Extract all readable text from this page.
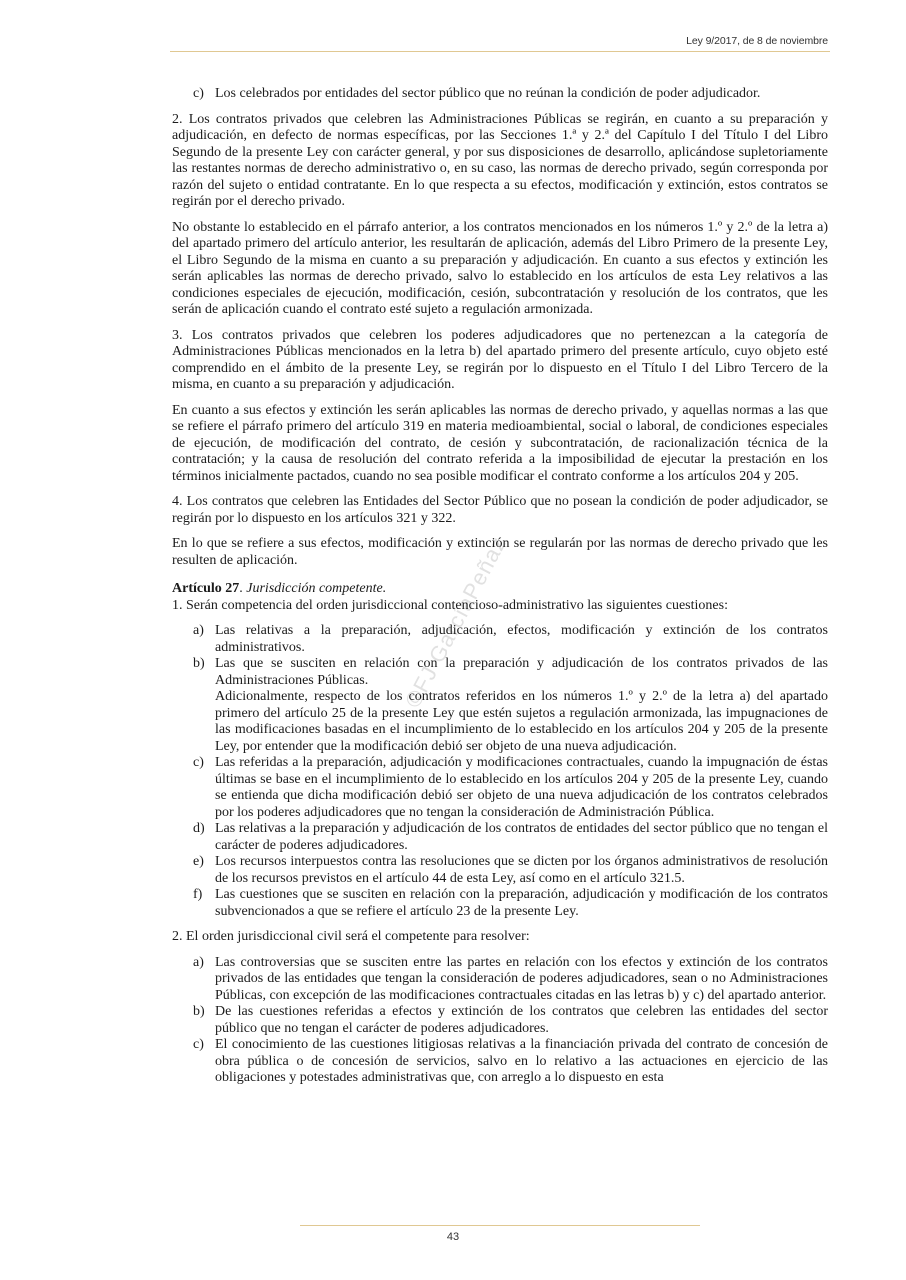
Ley 9/2017, de 8 de noviembre
©FJ GarcíaPeñaz
c) Los celebrados por entidades del sector público que no reúnan la condición de poder adjudicador.

2. Los contratos privados que celebren las Administraciones Públicas se regirán, en cuanto a su preparación y adjudicación, en defecto de normas específicas, por las Secciones 1.ª y 2.ª del Capítulo I del Título I del Libro Segundo de la presente Ley con carácter general, y por sus disposiciones de desarrollo, aplicándose supletoriamente las restantes normas de derecho administrativo o, en su caso, las normas de derecho privado, según corresponda por razón del sujeto o entidad contratante. En lo que respecta a su efectos, modificación y extinción, estos contratos se regirán por el derecho privado.

No obstante lo establecido en el párrafo anterior, a los contratos mencionados en los números 1.º y 2.º de la letra a) del apartado primero del artículo anterior, les resultarán de aplicación, además del Libro Primero de la presente Ley, el Libro Segundo de la misma en cuanto a su preparación y adjudicación. En cuanto a sus efectos y extinción les serán aplicables las normas de derecho privado, salvo lo establecido en los artículos de esta Ley relativos a las condiciones especiales de ejecución, modificación, cesión, subcontratación y resolución de los contratos, que les serán de aplicación cuando el contrato esté sujeto a regulación armonizada.

3. Los contratos privados que celebren los poderes adjudicadores que no pertenezcan a la categoría de Administraciones Públicas mencionados en la letra b) del apartado primero del presente artículo, cuyo objeto esté comprendido en el ámbito de la presente Ley, se regirán por lo dispuesto en el Título I del Libro Tercero de la misma, en cuanto a su preparación y adjudicación.

En cuanto a sus efectos y extinción les serán aplicables las normas de derecho privado, y aquellas normas a las que se refiere el párrafo primero del artículo 319 en materia medioambiental, social o laboral, de condiciones especiales de ejecución, de modificación del contrato, de cesión y subcontratación, de racionalización técnica de la contratación; y la causa de resolución del contrato referida a la imposibilidad de ejecutar la prestación en los términos inicialmente pactados, cuando no sea posible modificar el contrato conforme a los artículos 204 y 205.

4. Los contratos que celebren las Entidades del Sector Público que no posean la condición de poder adjudicador, se regirán por lo dispuesto en los artículos 321 y 322.

En lo que se refiere a sus efectos, modificación y extinción se regularán por las normas de derecho privado que les resulten de aplicación.

Artículo 27. Jurisdicción competente.

1. Serán competencia del orden jurisdiccional contencioso-administrativo las siguientes cuestiones:

a) Las relativas a la preparación, adjudicación, efectos, modificación y extinción de los contratos administrativos.
b) Las que se susciten en relación con la preparación y adjudicación de los contratos privados de las Administraciones Públicas.
Adicionalmente, respecto de los contratos referidos en los números 1.º y 2.º de la letra a) del apartado primero del artículo 25 de la presente Ley que estén sujetos a regulación armonizada, las impugnaciones de las modificaciones basadas en el incumplimiento de lo establecido en los artículos 204 y 205 de la presente Ley, por entender que la modificación debió ser objeto de una nueva adjudicación.
c) Las referidas a la preparación, adjudicación y modificaciones contractuales, cuando la impugnación de éstas últimas se base en el incumplimiento de lo establecido en los artículos 204 y 205 de la presente Ley, cuando se entienda que dicha modificación debió ser objeto de una nueva adjudicación de los contratos celebrados por los poderes adjudicadores que no tengan la consideración de Administración Pública.
d) Las relativas a la preparación y adjudicación de los contratos de entidades del sector público que no tengan el carácter de poderes adjudicadores.
e) Los recursos interpuestos contra las resoluciones que se dicten por los órganos administrativos de resolución de los recursos previstos en el artículo 44 de esta Ley, así como en el artículo 321.5.
f) Las cuestiones que se susciten en relación con la preparación, adjudicación y modificación de los contratos subvencionados a que se refiere el artículo 23 de la presente Ley.

2. El orden jurisdiccional civil será el competente para resolver:

a) Las controversias que se susciten entre las partes en relación con los efectos y extinción de los contratos privados de las entidades que tengan la consideración de poderes adjudicadores, sean o no Administraciones Públicas, con excepción de las modificaciones contractuales citadas en las letras b) y c) del apartado anterior.
b) De las cuestiones referidas a efectos y extinción de los contratos que celebren las entidades del sector público que no tengan el carácter de poderes adjudicadores.
c) El conocimiento de las cuestiones litigiosas relativas a la financiación privada del contrato de concesión de obra pública o de concesión de servicios, salvo en lo relativo a las actuaciones en ejercicio de las obligaciones y potestades administrativas que, con arreglo a lo dispuesto en esta
43
